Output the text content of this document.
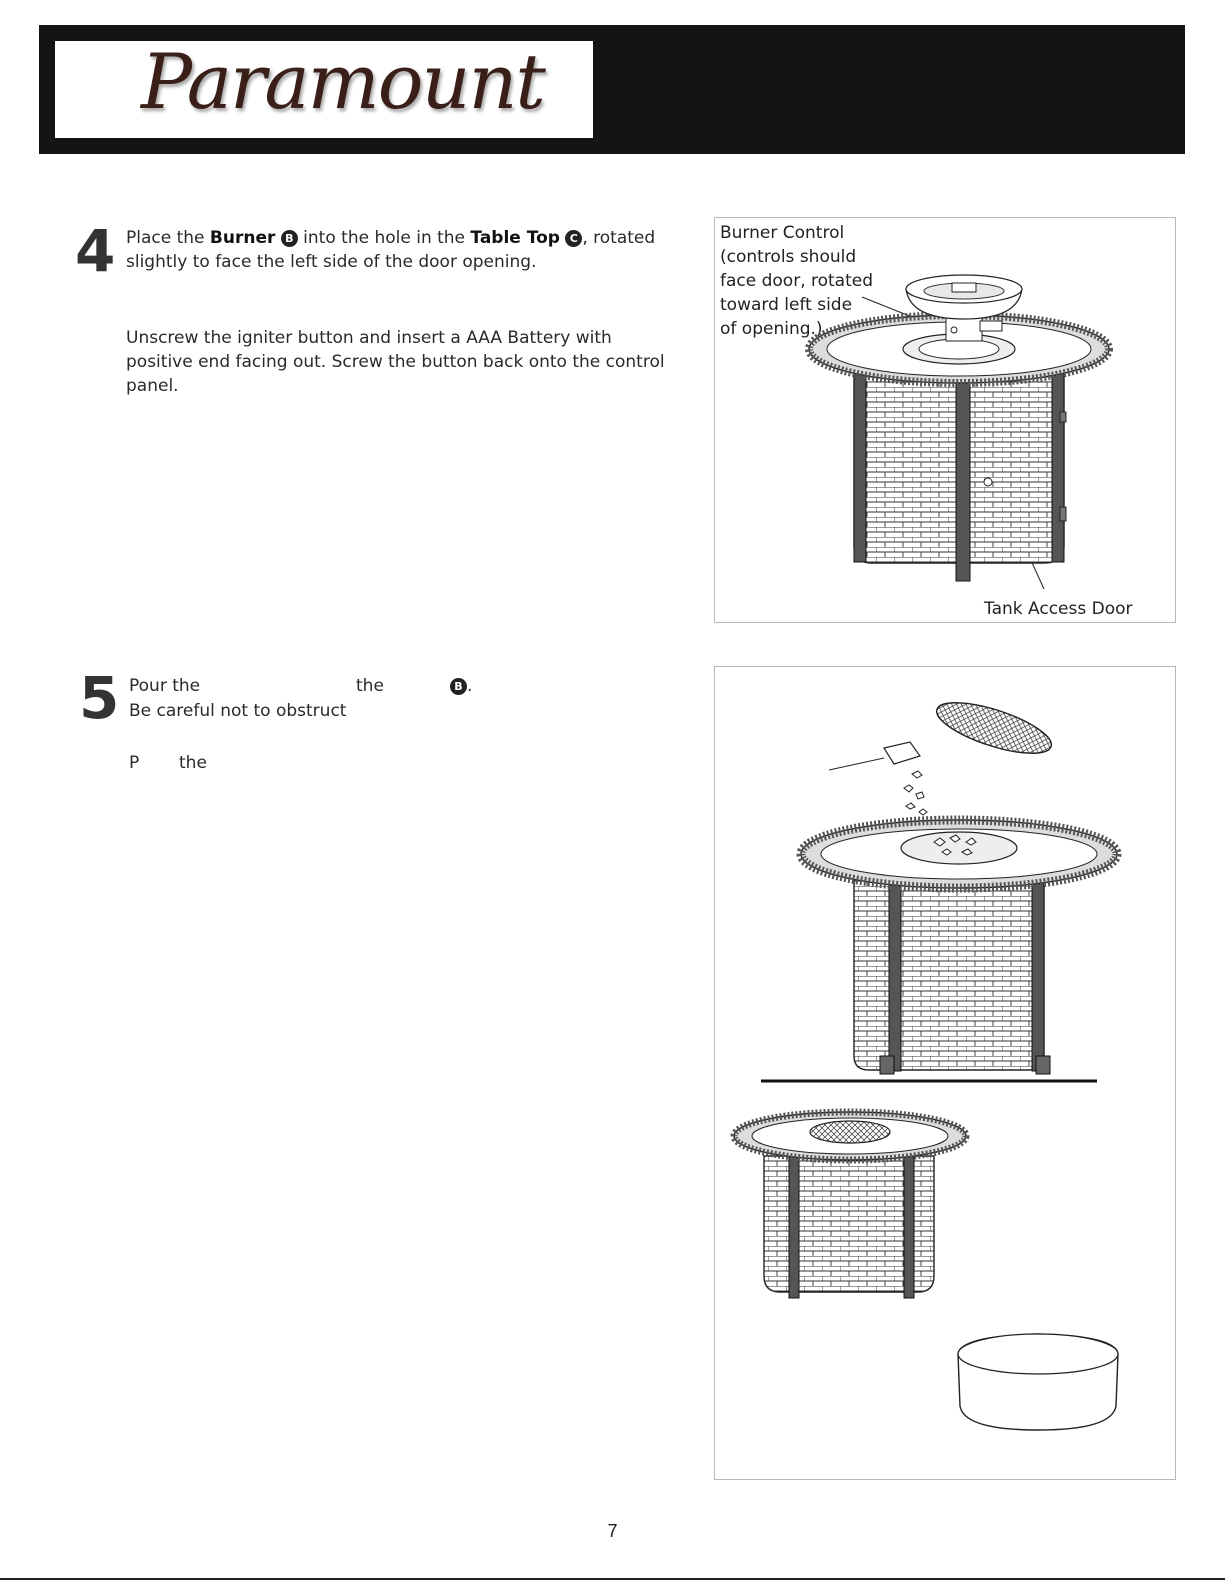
Paramount
4 Place the Burner B into the hole in the Table Top C , rotated
slightly to face the left side of the door opening.
Unscrew the igniter button and insert a AAA Battery with
positive end facing out. Screw the button back onto the control
panel.
Burner Control
(controls should
face door, rotated
toward left side
of opening.)
Tank Access Door
5 Pour the	the	B .
Be careful not to obstruct
P the
7
